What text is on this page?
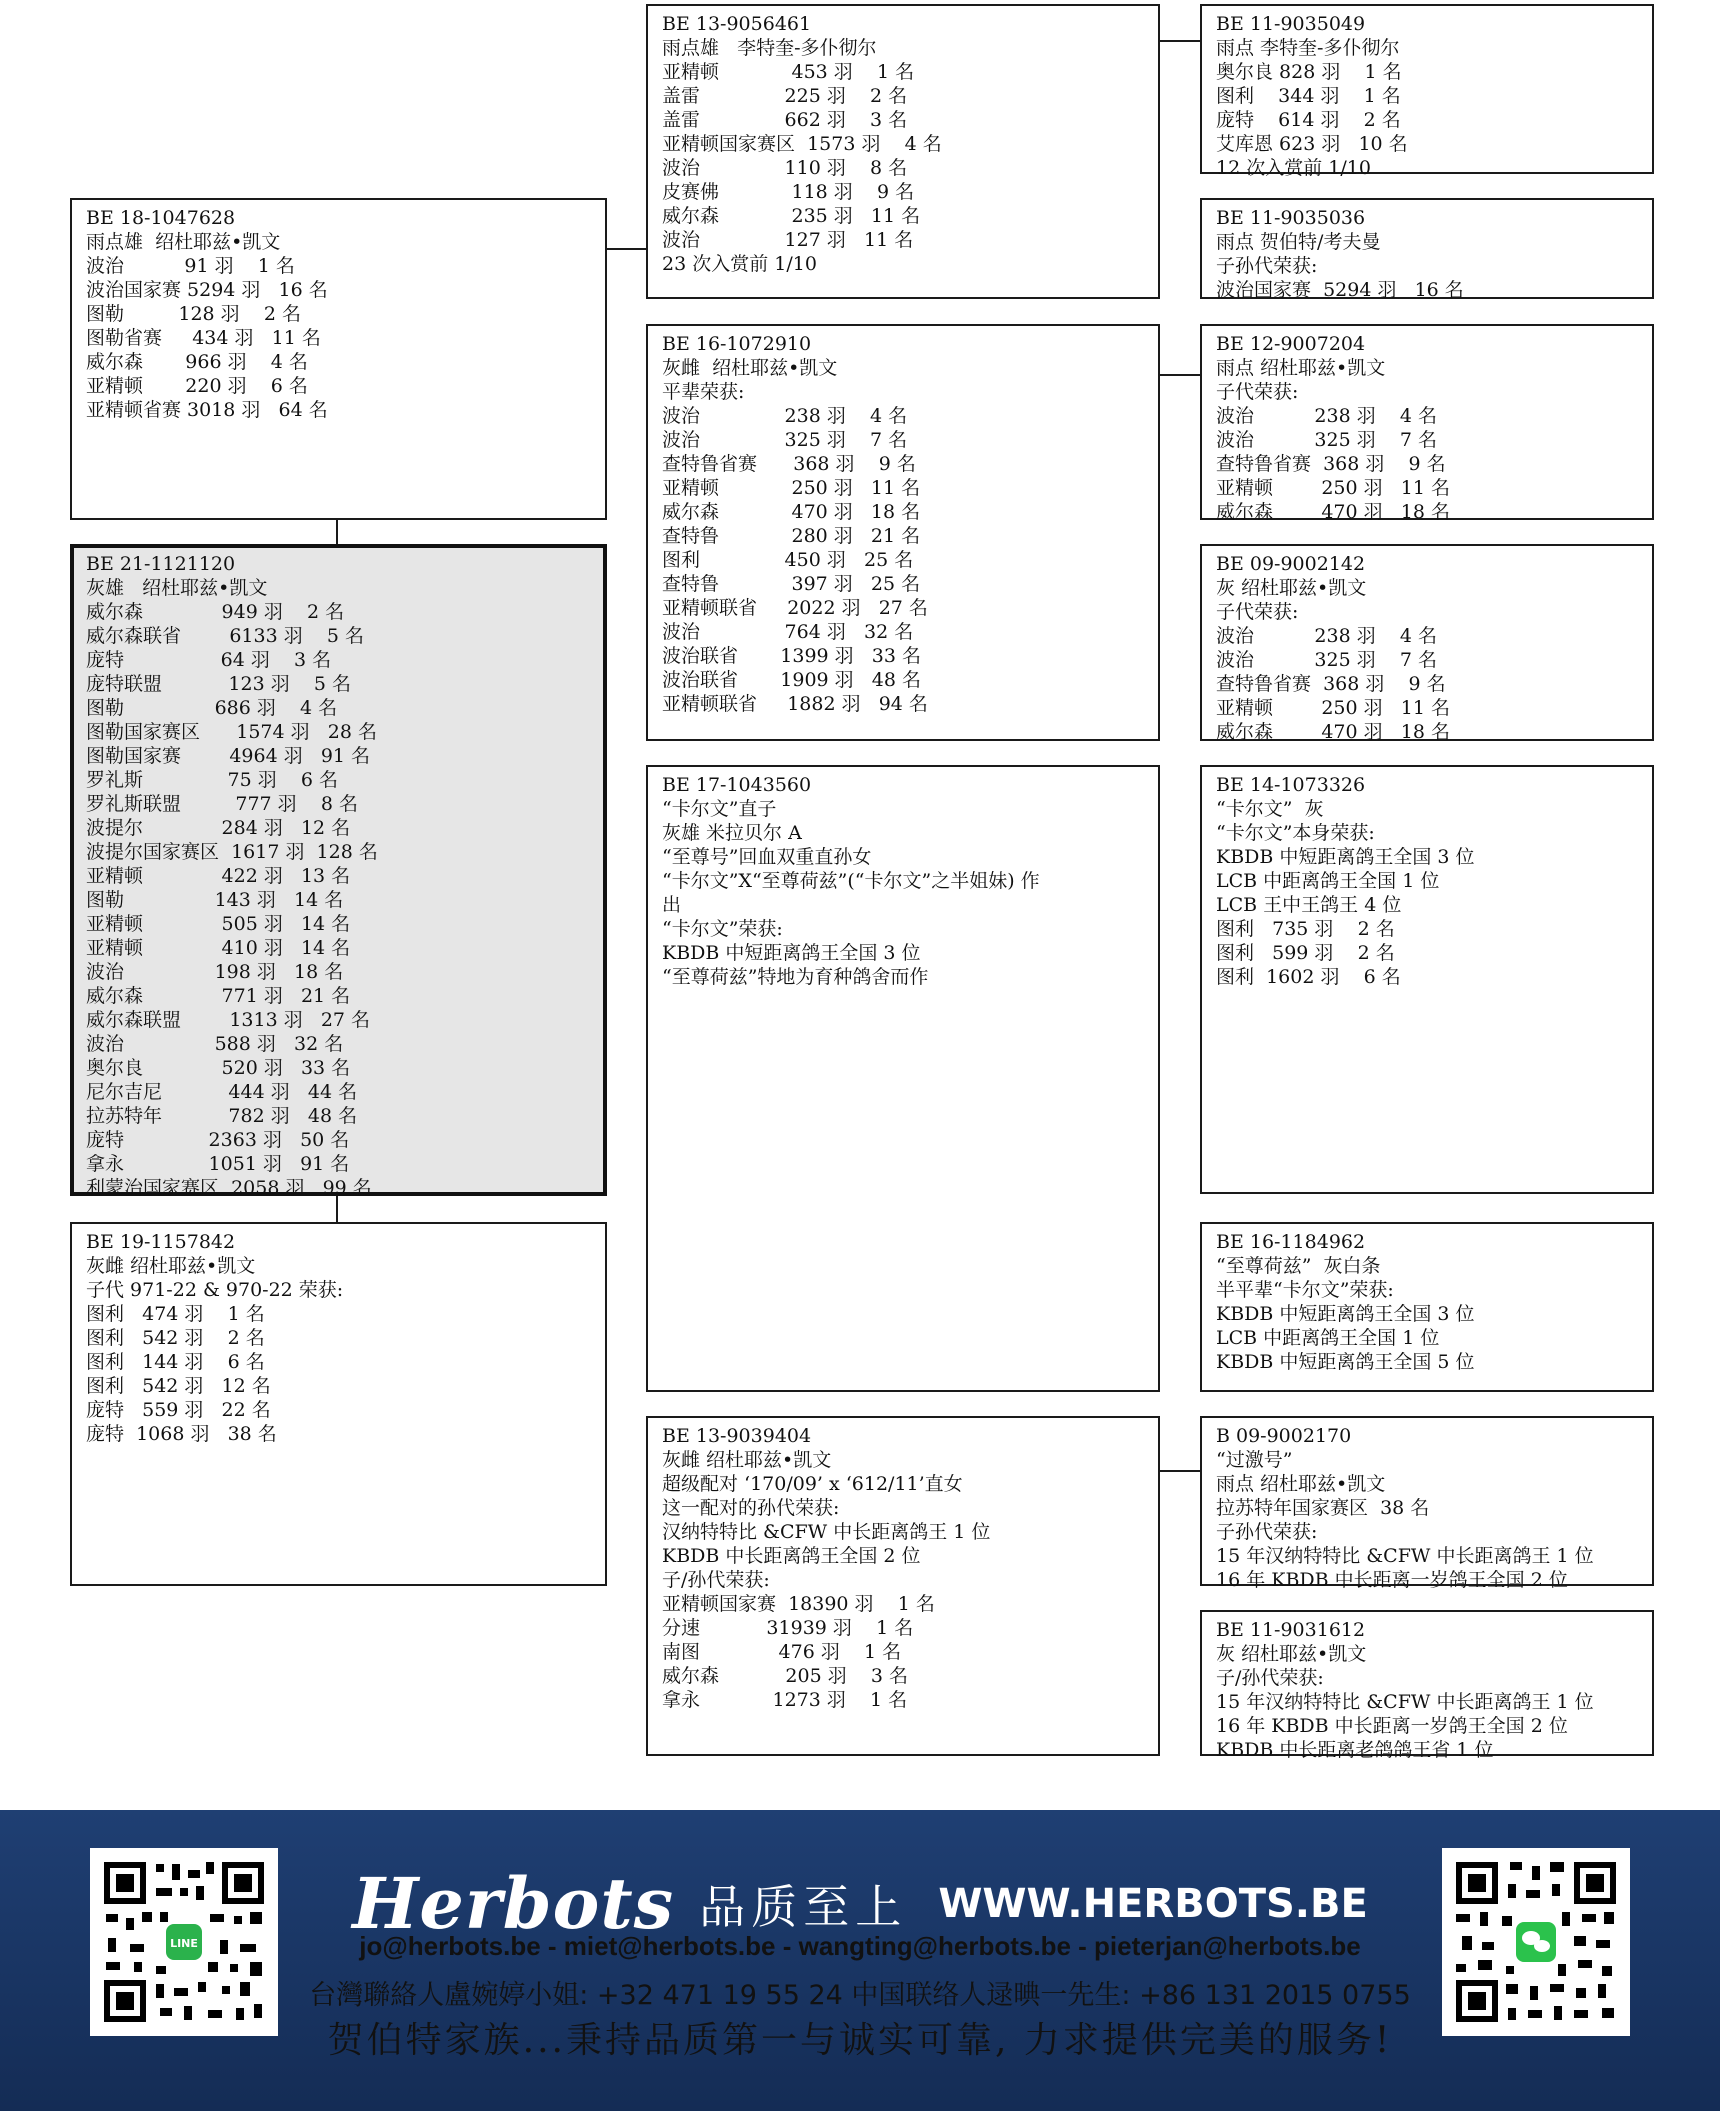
BE 18-1047628
雨点雄  绍杜耶兹•凯文
波治          91 羽    1 名
波治国家赛 5294 羽   16 名
图勒         128 羽    2 名
图勒省赛     434 羽   11 名
威尔森       966 羽    4 名
亚精顿       220 羽    6 名
亚精顿省赛 3018 羽   64 名
BE 21-1121120
灰雄   绍杜耶兹•凯文
威尔森             949 羽    2 名
威尔森联省        6133 羽    5 名
庞特                64 羽    3 名
庞特联盟           123 羽    5 名
图勒               686 羽    4 名
图勒国家赛区      1574 羽   28 名
图勒国家赛        4964 羽   91 名
罗礼斯              75 羽    6 名
罗礼斯联盟         777 羽    8 名
波提尔             284 羽   12 名
波提尔国家赛区  1617 羽  128 名
亚精顿             422 羽   13 名
图勒               143 羽   14 名
亚精顿             505 羽   14 名
亚精顿             410 羽   14 名
波治               198 羽   18 名
威尔森             771 羽   21 名
威尔森联盟        1313 羽   27 名
波治               588 羽   32 名
奥尔良             520 羽   33 名
尼尔吉尼           444 羽   44 名
拉苏特年           782 羽   48 名
庞特              2363 羽   50 名
拿永              1051 羽   91 名
利蒙治国家赛区  2058 羽   99 名
BE 19-1157842
灰雌 绍杜耶兹•凯文
子代 971-22 & 970-22 荣获:
图利   474 羽    1 名
图利   542 羽    2 名
图利   144 羽    6 名
图利   542 羽   12 名
庞特   559 羽   22 名
庞特  1068 羽   38 名
BE 13-9056461
雨点雄   李特奎-多仆彻尔
亚精顿            453 羽    1 名
盖雷              225 羽    2 名
盖雷              662 羽    3 名
亚精顿国家赛区  1573 羽    4 名
波治              110 羽    8 名
皮赛佛            118 羽    9 名
威尔森            235 羽   11 名
波治              127 羽   11 名
23 次入赏前 1/10
BE 16-1072910
灰雌  绍杜耶兹•凯文
平辈荣获:
波治              238 羽    4 名
波治              325 羽    7 名
查特鲁省赛      368 羽    9 名
亚精顿            250 羽   11 名
威尔森            470 羽   18 名
查特鲁            280 羽   21 名
图利              450 羽   25 名
查特鲁            397 羽   25 名
亚精顿联省     2022 羽   27 名
波治              764 羽   32 名
波治联省       1399 羽   33 名
波治联省       1909 羽   48 名
亚精顿联省     1882 羽   94 名
BE 17-1043560
“卡尔文”直子
灰雄 米拉贝尔 A
“至尊号”回血双重直孙女
“卡尔文”X“至尊荷兹”(“卡尔文”之半姐妹) 作
出
“卡尔文”荣获:
KBDB 中短距离鸽王全国 3 位
“至尊荷兹”特地为育种鸽舍而作
BE 13-9039404
灰雌 绍杜耶兹•凯文
超级配对 ‘170/09’ x ‘612/11’直女
这一配对的孙代荣获:
汉纳特特比 &CFW 中长距离鸽王 1 位
KBDB 中长距离鸽王全国 2 位
子/孙代荣获:
亚精顿国家赛  18390 羽    1 名
分速           31939 羽    1 名
南图             476 羽    1 名
威尔森           205 羽    3 名
拿永            1273 羽    1 名
BE 11-9035049
雨点 李特奎-多仆彻尔
奥尔良 828 羽    1 名
图利    344 羽    1 名
庞特    614 羽    2 名
艾库恩 623 羽   10 名
12 次入赏前 1/10
BE 11-9035036
雨点 贺伯特/考夫曼
子孙代荣获:
波治国家赛  5294 羽   16 名
BE 12-9007204
雨点 绍杜耶兹•凯文
子代荣获:
波治          238 羽    4 名
波治          325 羽    7 名
查特鲁省赛  368 羽    9 名
亚精顿        250 羽   11 名
威尔森        470 羽   18 名
BE 09-9002142
灰 绍杜耶兹•凯文
子代荣获:
波治          238 羽    4 名
波治          325 羽    7 名
查特鲁省赛  368 羽    9 名
亚精顿        250 羽   11 名
威尔森        470 羽   18 名
BE 14-1073326
“卡尔文”  灰
“卡尔文”本身荣获:
KBDB 中短距离鸽王全国 3 位
LCB 中距离鸽王全国 1 位
LCB 王中王鸽王 4 位
图利   735 羽    2 名
图利   599 羽    2 名
图利  1602 羽    6 名
BE 16-1184962
“至尊荷兹”  灰白条
半平辈“卡尔文”荣获:
KBDB 中短距离鸽王全国 3 位
LCB 中距离鸽王全国 1 位
KBDB 中短距离鸽王全国 5 位
B 09-9002170
“过激号”
雨点 绍杜耶兹•凯文
拉苏特年国家赛区  38 名
子孙代荣获:
15 年汉纳特特比 &CFW 中长距离鸽王 1 位
16 年 KBDB 中长距离一岁鸽王全国 2 位
BE 11-9031612
灰 绍杜耶兹•凯文
子/孙代荣获:
15 年汉纳特特比 &CFW 中长距离鸽王 1 位
16 年 KBDB 中长距离一岁鸽王全国 2 位
KBDB 中长距离老鸽鸽王省 1 位
LINE	Herbots 品质至上 WWW.HERBOTS.BE
jo@herbots.be - miet@herbots.be - wangting@herbots.be - pieterjan@herbots.be
台灣聯絡人盧婉婷小姐: +32 471 19 55 24 中国联络人逯晪一先生: +86 131 2015 0755
贺伯特家族...秉持品质第一与诚实可靠, 力求提供完美的服务!
